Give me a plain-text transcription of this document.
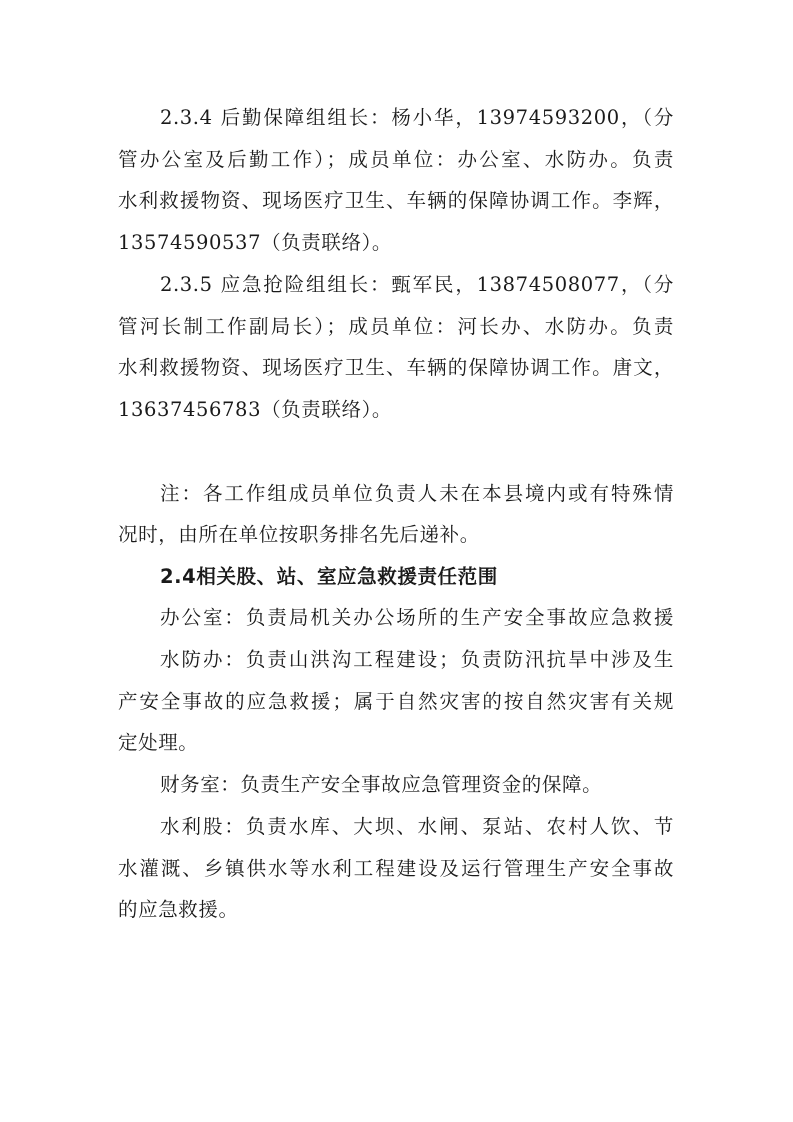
2.3.4 后勤保障组组长：杨小华，13974593200，（分
管办公室及后勤工作）；成员单位：办公室、水防办。负责
水利救援物资、现场医疗卫生、车辆的保障协调工作。李辉，
13574590537（负责联络）。
2.3.5 应急抢险组组长：甄军民，13874508077，（分
管河长制工作副局长）；成员单位：河长办、水防办。负责
水利救援物资、现场医疗卫生、车辆的保障协调工作。唐文，
13637456783（负责联络）。
注：各工作组成员单位负责人未在本县境内或有特殊情
况时，由所在单位按职务排名先后递补。
2.4相关股、站、室应急救援责任范围
办公室：负责局机关办公场所的生产安全事故应急救援
水防办：负责山洪沟工程建设；负责防汛抗旱中涉及生
产安全事故的应急救援；属于自然灾害的按自然灾害有关规
定处理。
财务室：负责生产安全事故应急管理资金的保障。
水利股：负责水库、大坝、水闸、泵站、农村人饮、节
水灌溉、乡镇供水等水利工程建设及运行管理生产安全事故
的应急救援。
